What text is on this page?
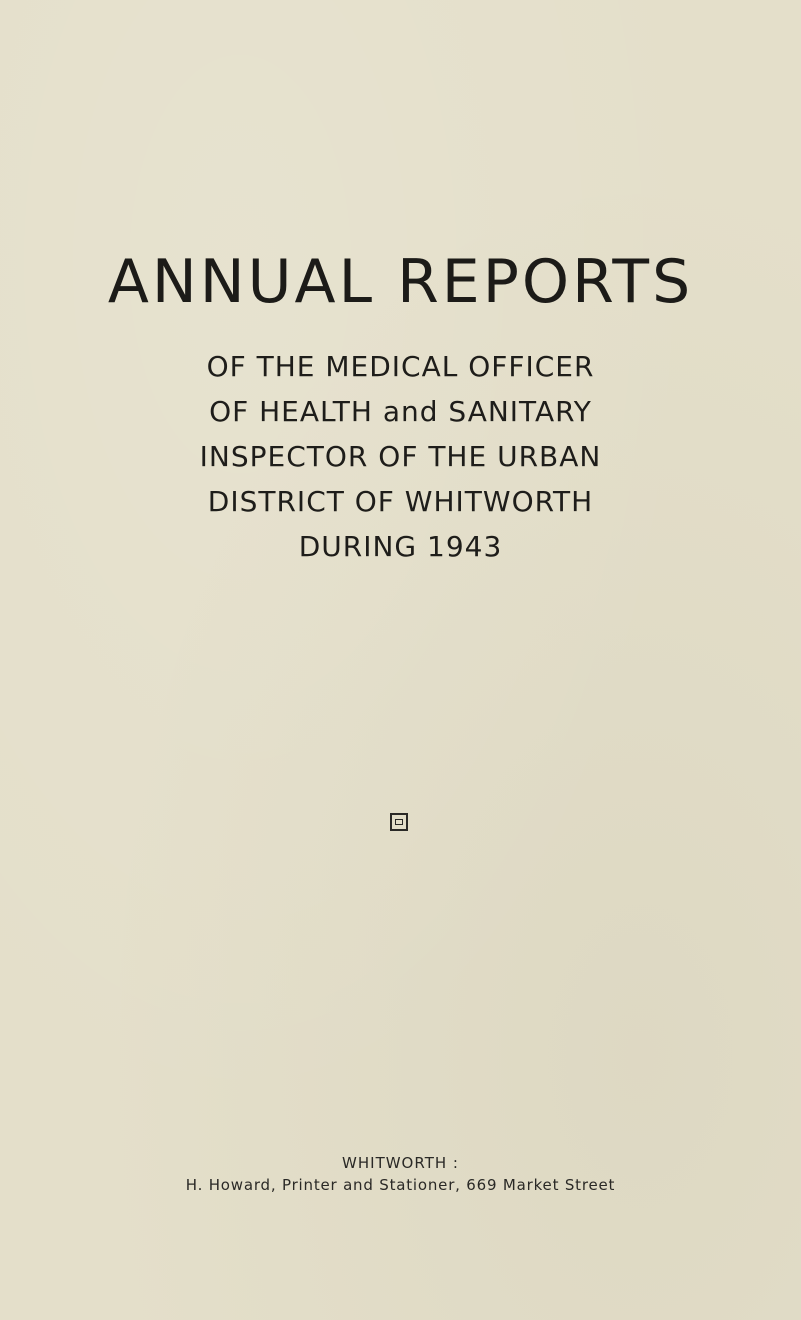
ANNUAL REPORTS
OF THE MEDICAL OFFICER
OF HEALTH and SANITARY
INSPECTOR OF THE URBAN
DISTRICT OF WHITWORTH
DURING 1943
WHITWORTH :
H. Howard, Printer and Stationer, 669 Market Street
